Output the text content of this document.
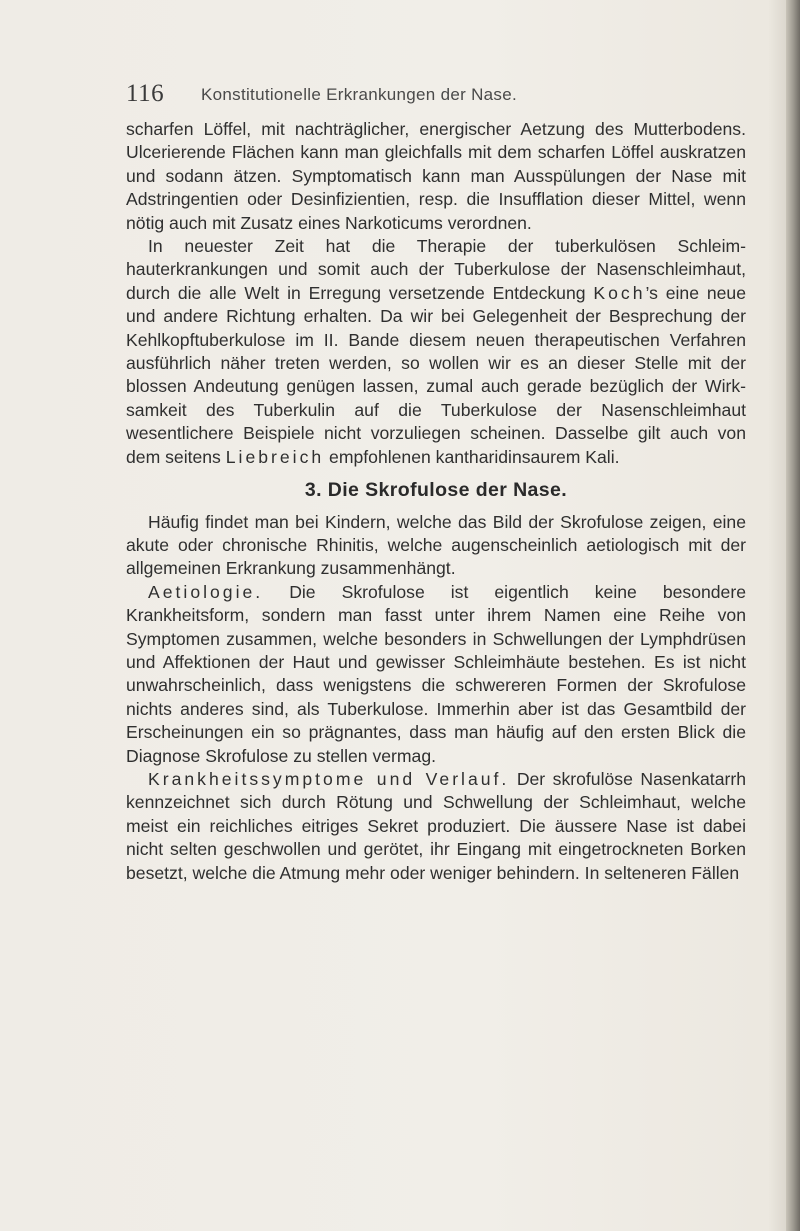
116 Konstitutionelle Erkrankungen der Nase.

scharfen Löffel, mit nachträglicher, energischer Aetzung des Mutterbodens. Ulcerierende Flächen kann man gleichfalls mit dem scharfen Löffel auskratzen und sodann ätzen. Symptomatisch kann man Ausspülungen der Nase mit Adstringentien oder Desinfizientien, resp. die Insufflation dieser Mittel, wenn nötig auch mit Zusatz eines Narkoticums verordnen.

In neuester Zeit hat die Therapie der tuberkulösen Schleimhauterkrankungen und somit auch der Tuberkulose der Nasenschleimhaut, durch die alle Welt in Erregung versetzende Entdeckung Koch’s eine neue und andere Richtung erhalten. Da wir bei Gelegenheit der Besprechung der Kehlkopftuberkulose im II. Bande diesem neuen therapeutischen Verfahren ausführlich näher treten werden, so wollen wir es an dieser Stelle mit der blossen Andeutung genügen lassen, zumal auch gerade bezüglich der Wirksamkeit des Tuberkulin auf die Tuberkulose der Nasenschleimhaut wesentlichere Beispiele nicht vorzuliegen scheinen. Dasselbe gilt auch von dem seitens Liebreich empfohlenen kantharidinsaurem Kali.

3. Die Skrofulose der Nase.

Häufig findet man bei Kindern, welche das Bild der Skrofulose zeigen, eine akute oder chronische Rhinitis, welche augenscheinlich aetiologisch mit der allgemeinen Erkrankung zusammenhängt.

Aetiologie. Die Skrofulose ist eigentlich keine besondere Krankheitsform, sondern man fasst unter ihrem Namen eine Reihe von Symptomen zusammen, welche besonders in Schwellungen der Lymphdrüsen und Affektionen der Haut und gewisser Schleimhäute bestehen. Es ist nicht unwahrscheinlich, dass wenigstens die schwereren Formen der Skrofulose nichts anderes sind, als Tuberkulose. Immerhin aber ist das Gesamtbild der Erscheinungen ein so prägnantes, dass man häufig auf den ersten Blick die Diagnose Skrofulose zu stellen vermag.

Krankheitssymptome und Verlauf. Der skrofulöse Nasenkatarrh kennzeichnet sich durch Rötung und Schwellung der Schleimhaut, welche meist ein reichliches eitriges Sekret produziert. Die äussere Nase ist dabei nicht selten geschwollen und gerötet, ihr Eingang mit eingetrockneten Borken besetzt, welche die Atmung mehr oder weniger behindern. In selteneren Fällen
